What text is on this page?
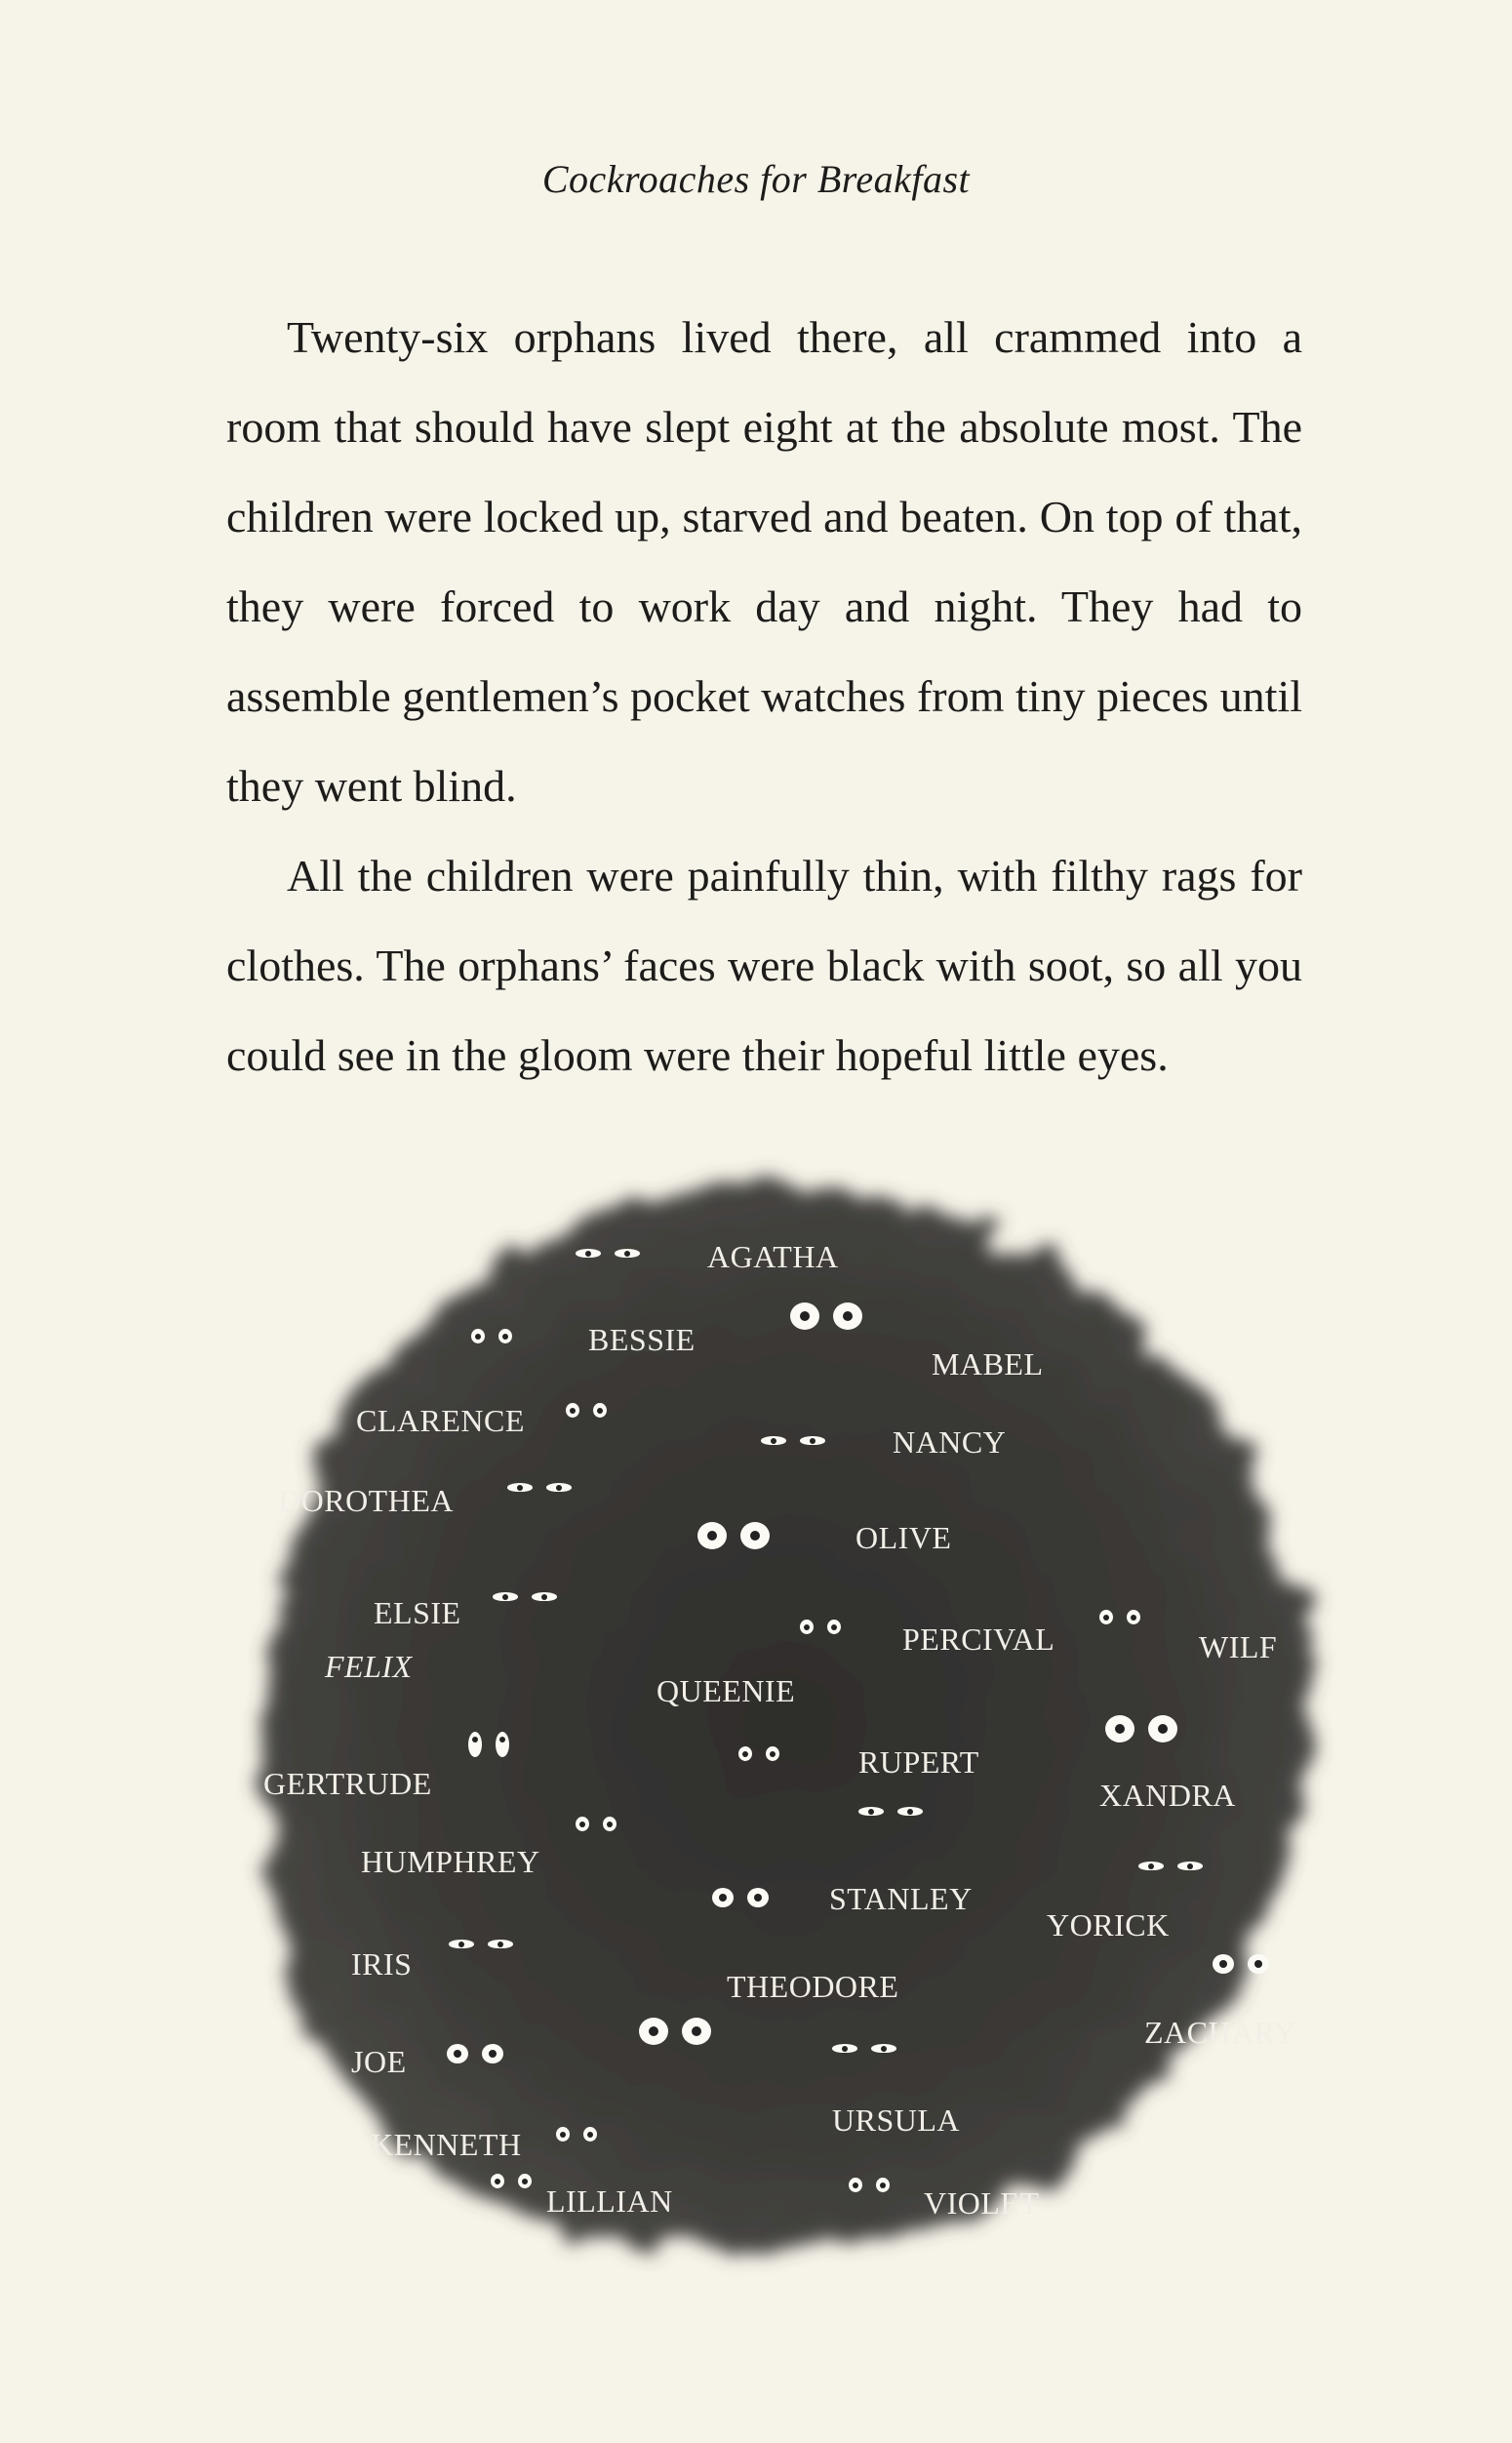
Cockroaches for Breakfast

Twenty-six orphans lived there, all crammed into a room that should have slept eight at the absolute most. The children were locked up, starved and beaten. On top of that, they were forced to work day and night. They had to assemble gentlemen’s pocket watches from tiny pieces until they went blind.

All the children were painfully thin, with filthy rags for clothes. The orphans’ faces were black with soot, so all you could see in the gloom were their hopeful little eyes.

AGATHA
BESSIE
CLARENCE
DOROTHEA
ELSIE
FELIX
GERTRUDE
HUMPHREY
IRIS
JOE
KENNETH
LILLIAN
MABEL
NANCY
OLIVE
PERCIVAL
QUEENIE
RUPERT
STANLEY
THEODORE
URSULA
VIOLET
WILF
XANDRA
YORICK
ZACHARY
